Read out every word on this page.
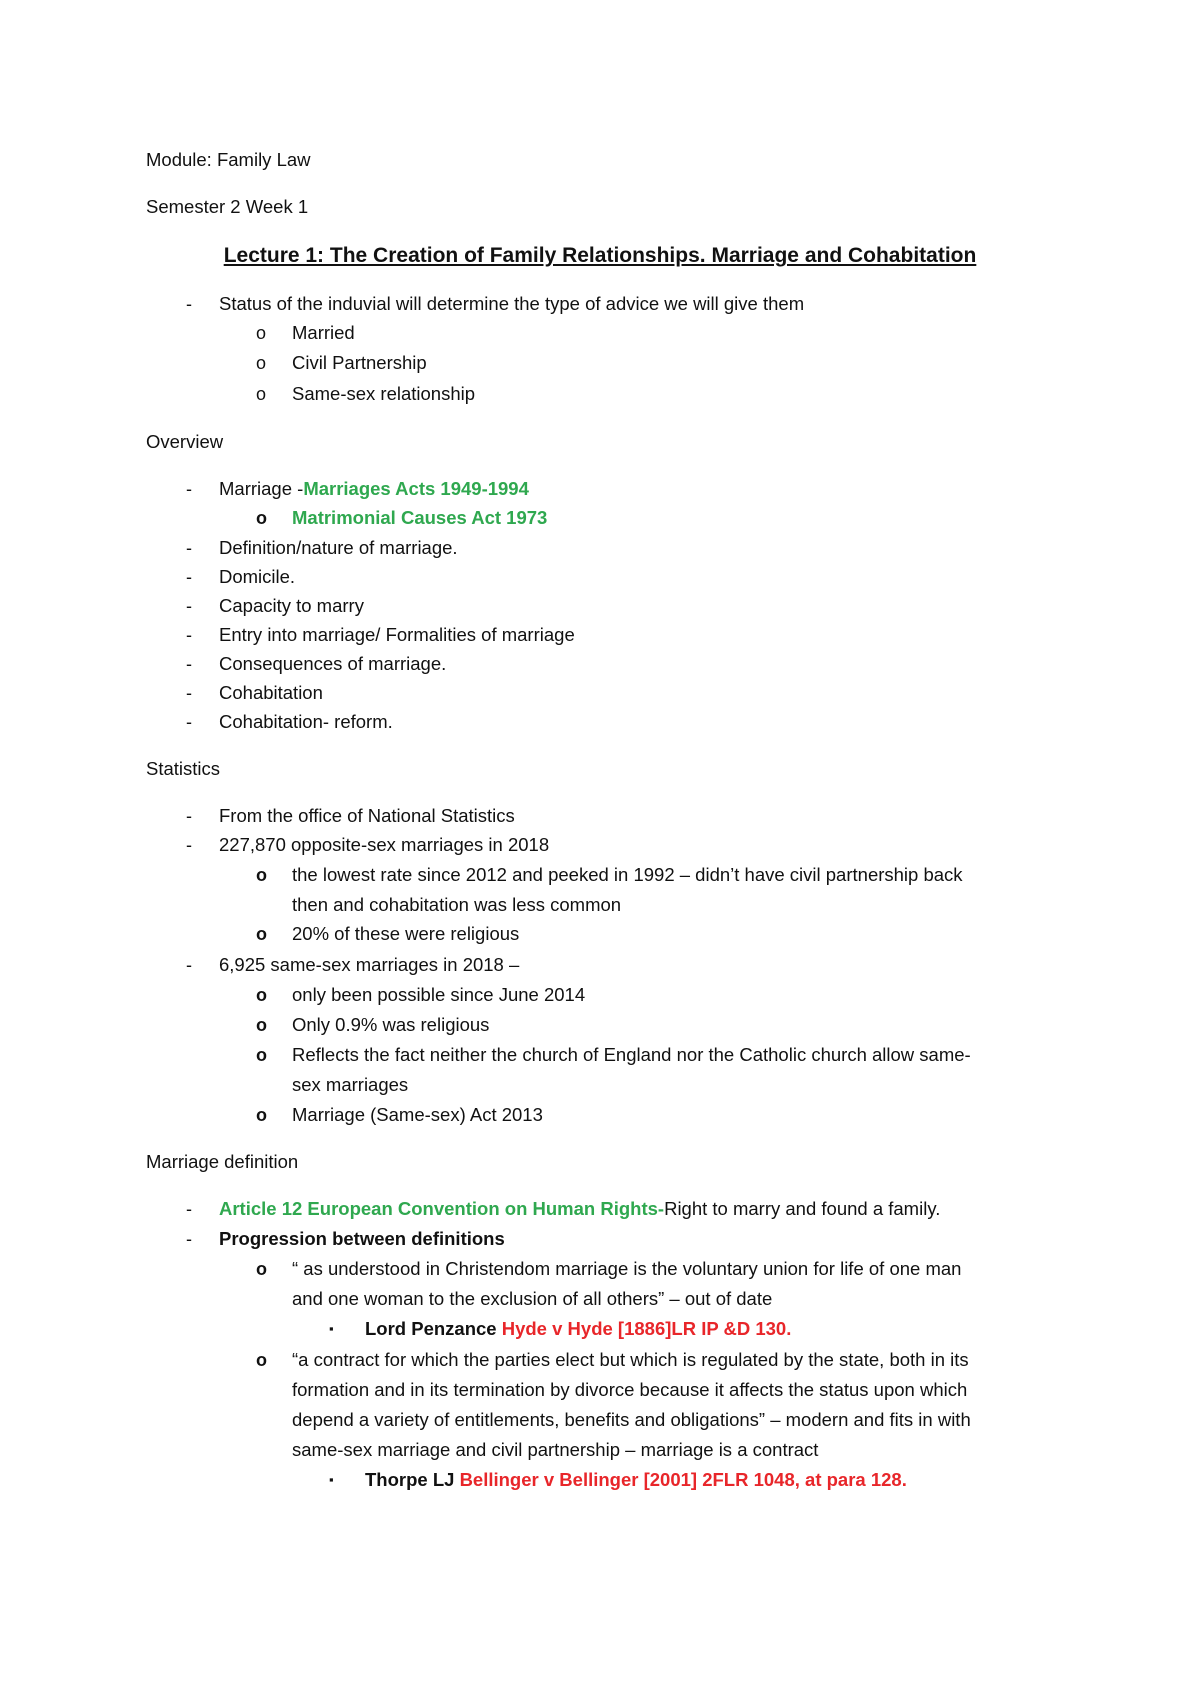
Module: Family Law
Semester 2 Week 1
Lecture 1: The Creation of Family Relationships. Marriage and Cohabitation
- Status of the induvial will determine the type of advice we will give them
o Married
o Civil Partnership
o Same-sex relationship
Overview
- Marriage -Marriages Acts 1949-1994
o Matrimonial Causes Act 1973
- Definition/nature of marriage.
- Domicile.
- Capacity to marry
- Entry into marriage/ Formalities of marriage
- Consequences of marriage.
- Cohabitation
- Cohabitation- reform.
Statistics
- From the office of National Statistics
- 227,870 opposite-sex marriages in 2018
o the lowest rate since 2012 and peeked in 1992 – didn’t have civil partnership back
then and cohabitation was less common
o 20% of these were religious
- 6,925 same-sex marriages in 2018 –
o only been possible since June 2014
o Only 0.9% was religious
o Reflects the fact neither the church of England nor the Catholic church allow same-
sex marriages
o Marriage (Same-sex) Act 2013
Marriage definition
- Article 12 European Convention on Human Rights-Right to marry and found a family.
- Progression between definitions
o “ as understood in Christendom marriage is the voluntary union for life of one man
and one woman to the exclusion of all others” – out of date
▪ Lord Penzance Hyde v Hyde [1886]LR IP &D 130.
o “a contract for which the parties elect but which is regulated by the state, both in its
formation and in its termination by divorce because it affects the status upon which
depend a variety of entitlements, benefits and obligations” – modern and fits in with
same-sex marriage and civil partnership – marriage is a contract
▪ Thorpe LJ Bellinger v Bellinger [2001] 2FLR 1048, at para 128.
